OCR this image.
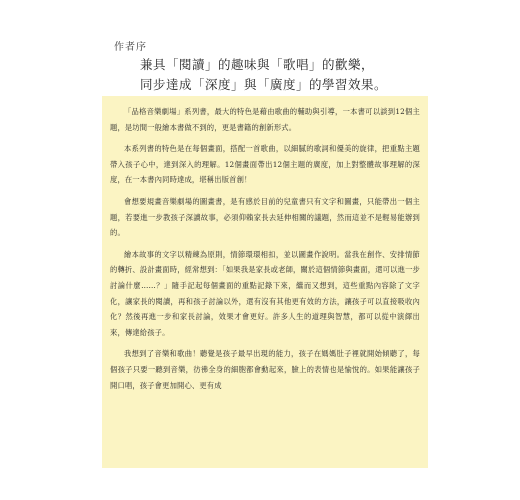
作者序
兼具「閱讀」的趣味與「歌唱」的歡樂，
同步達成「深度」與「廣度」的學習效果。

「品格音樂劇場」系列書，最大的特色是藉由歌曲的輔助與引導，一本書可以談到12個主題，是坊間一般繪本書做不到的，更是書籍的創新形式。

本系列書的特色是在每個畫面，搭配一首歌曲，以細膩的歌詞和優美的旋律，把重點主題帶入孩子心中，達到深入的理解。12個畫面帶出12個主題的廣度，加上對整體故事理解的深度，在一本書內同時達成，堪稱出版首創！

會想要規畫音樂劇場的圖畫書，是有感於目前的兒童書只有文字和圖畫，只能帶出一個主題，若要進一步教孩子深讀故事，必須仰賴家長去延伸相關的議題，然而這並不是輕易能辦到的。

繪本故事的文字以精練為原則，情節環環相扣，並以圖畫作說明。當我在創作、安排情節的轉折、設計畫面時，經常想到：「如果我是家長或老師，關於這個情節與畫面，還可以進一步討論什麼……？」隨手記起每個畫面的重點記錄下來，繼而又想到，這些重點內容除了文字化，讓家長的閱讀，再和孩子討論以外，還有沒有其他更有效的方法，讓孩子可以直接吸收內化？然後再進一步和家長討論，效果才會更好。許多人生的道理與智慧，都可以從中演繹出來，傳達給孩子。

我想到了音樂和歌曲！聽覺是孩子最早出現的能力，孩子在媽媽肚子裡就開始傾聽了，每個孩子只要一聽到音樂，彷彿全身的細胞都會動起來，臉上的表情也是愉悅的。如果能讓孩子開口唱，孩子會更加開心、更有成
